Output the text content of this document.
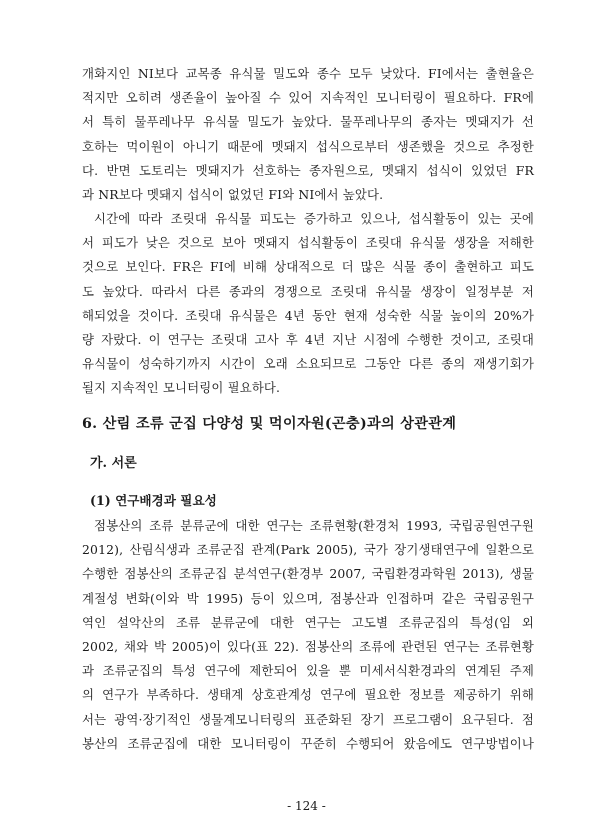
개화지인 NI보다 교목종 유식물 밀도와 종수 모두 낮았다. FI에서는 출현율은
적지만 오히려 생존율이 높아질 수 있어 지속적인 모니터링이 필요하다. FR에
서 특히 물푸레나무 유식물 밀도가 높았다. 물푸레나무의 종자는 멧돼지가 선
호하는 먹이원이 아니기 때문에 멧돼지 섭식으로부터 생존했을 것으로 추정한
다. 반면 도토리는 멧돼지가 선호하는 종자원으로, 멧돼지 섭식이 있었던 FR
과 NR보다 멧돼지 섭식이 없었던 FI와 NI에서 높았다.
시간에 따라 조릿대 유식물 피도는 증가하고 있으나, 섭식활동이 있는 곳에
서 피도가 낮은 것으로 보아 멧돼지 섭식활동이 조릿대 유식물 생장을 저해한
것으로 보인다. FR은 FI에 비해 상대적으로 더 많은 식물 종이 출현하고 피도
도 높았다. 따라서 다른 종과의 경쟁으로 조릿대 유식물 생장이 일정부분 저
해되었을 것이다. 조릿대 유식물은 4년 동안 현재 성숙한 식물 높이의 20%가
량 자랐다. 이 연구는 조릿대 고사 후 4년 지난 시점에 수행한 것이고, 조릿대
유식물이 성숙하기까지 시간이 오래 소요되므로 그동안 다른 종의 재생기회가
될지 지속적인 모니터링이 필요하다.
6. 산림 조류 군집 다양성 및 먹이자원(곤충)과의 상관관계
가. 서론
(1) 연구배경과 필요성
점봉산의 조류 분류군에 대한 연구는 조류현황(환경처 1993, 국립공원연구원
2012), 산림식생과 조류군집 관계(Park 2005), 국가 장기생태연구에 일환으로
수행한 점봉산의 조류군집 분석연구(환경부 2007, 국립환경과학원 2013), 생물
계절성 변화(이와 박 1995) 등이 있으며, 점봉산과 인접하며 같은 국립공원구
역인 설악산의 조류 분류군에 대한 연구는 고도별 조류군집의 특성(임 외
2002, 채와 박 2005)이 있다(표 22). 점봉산의 조류에 관련된 연구는 조류현황
과 조류군집의 특성 연구에 제한되어 있을 뿐 미세서식환경과의 연계된 주제
의 연구가 부족하다. 생태계 상호관계성 연구에 필요한 정보를 제공하기 위해
서는 광역·장기적인 생물계모니터링의 표준화된 장기 프로그램이 요구된다. 점
봉산의 조류군집에 대한 모니터링이 꾸준히 수행되어 왔음에도 연구방법이나
- 124 -
